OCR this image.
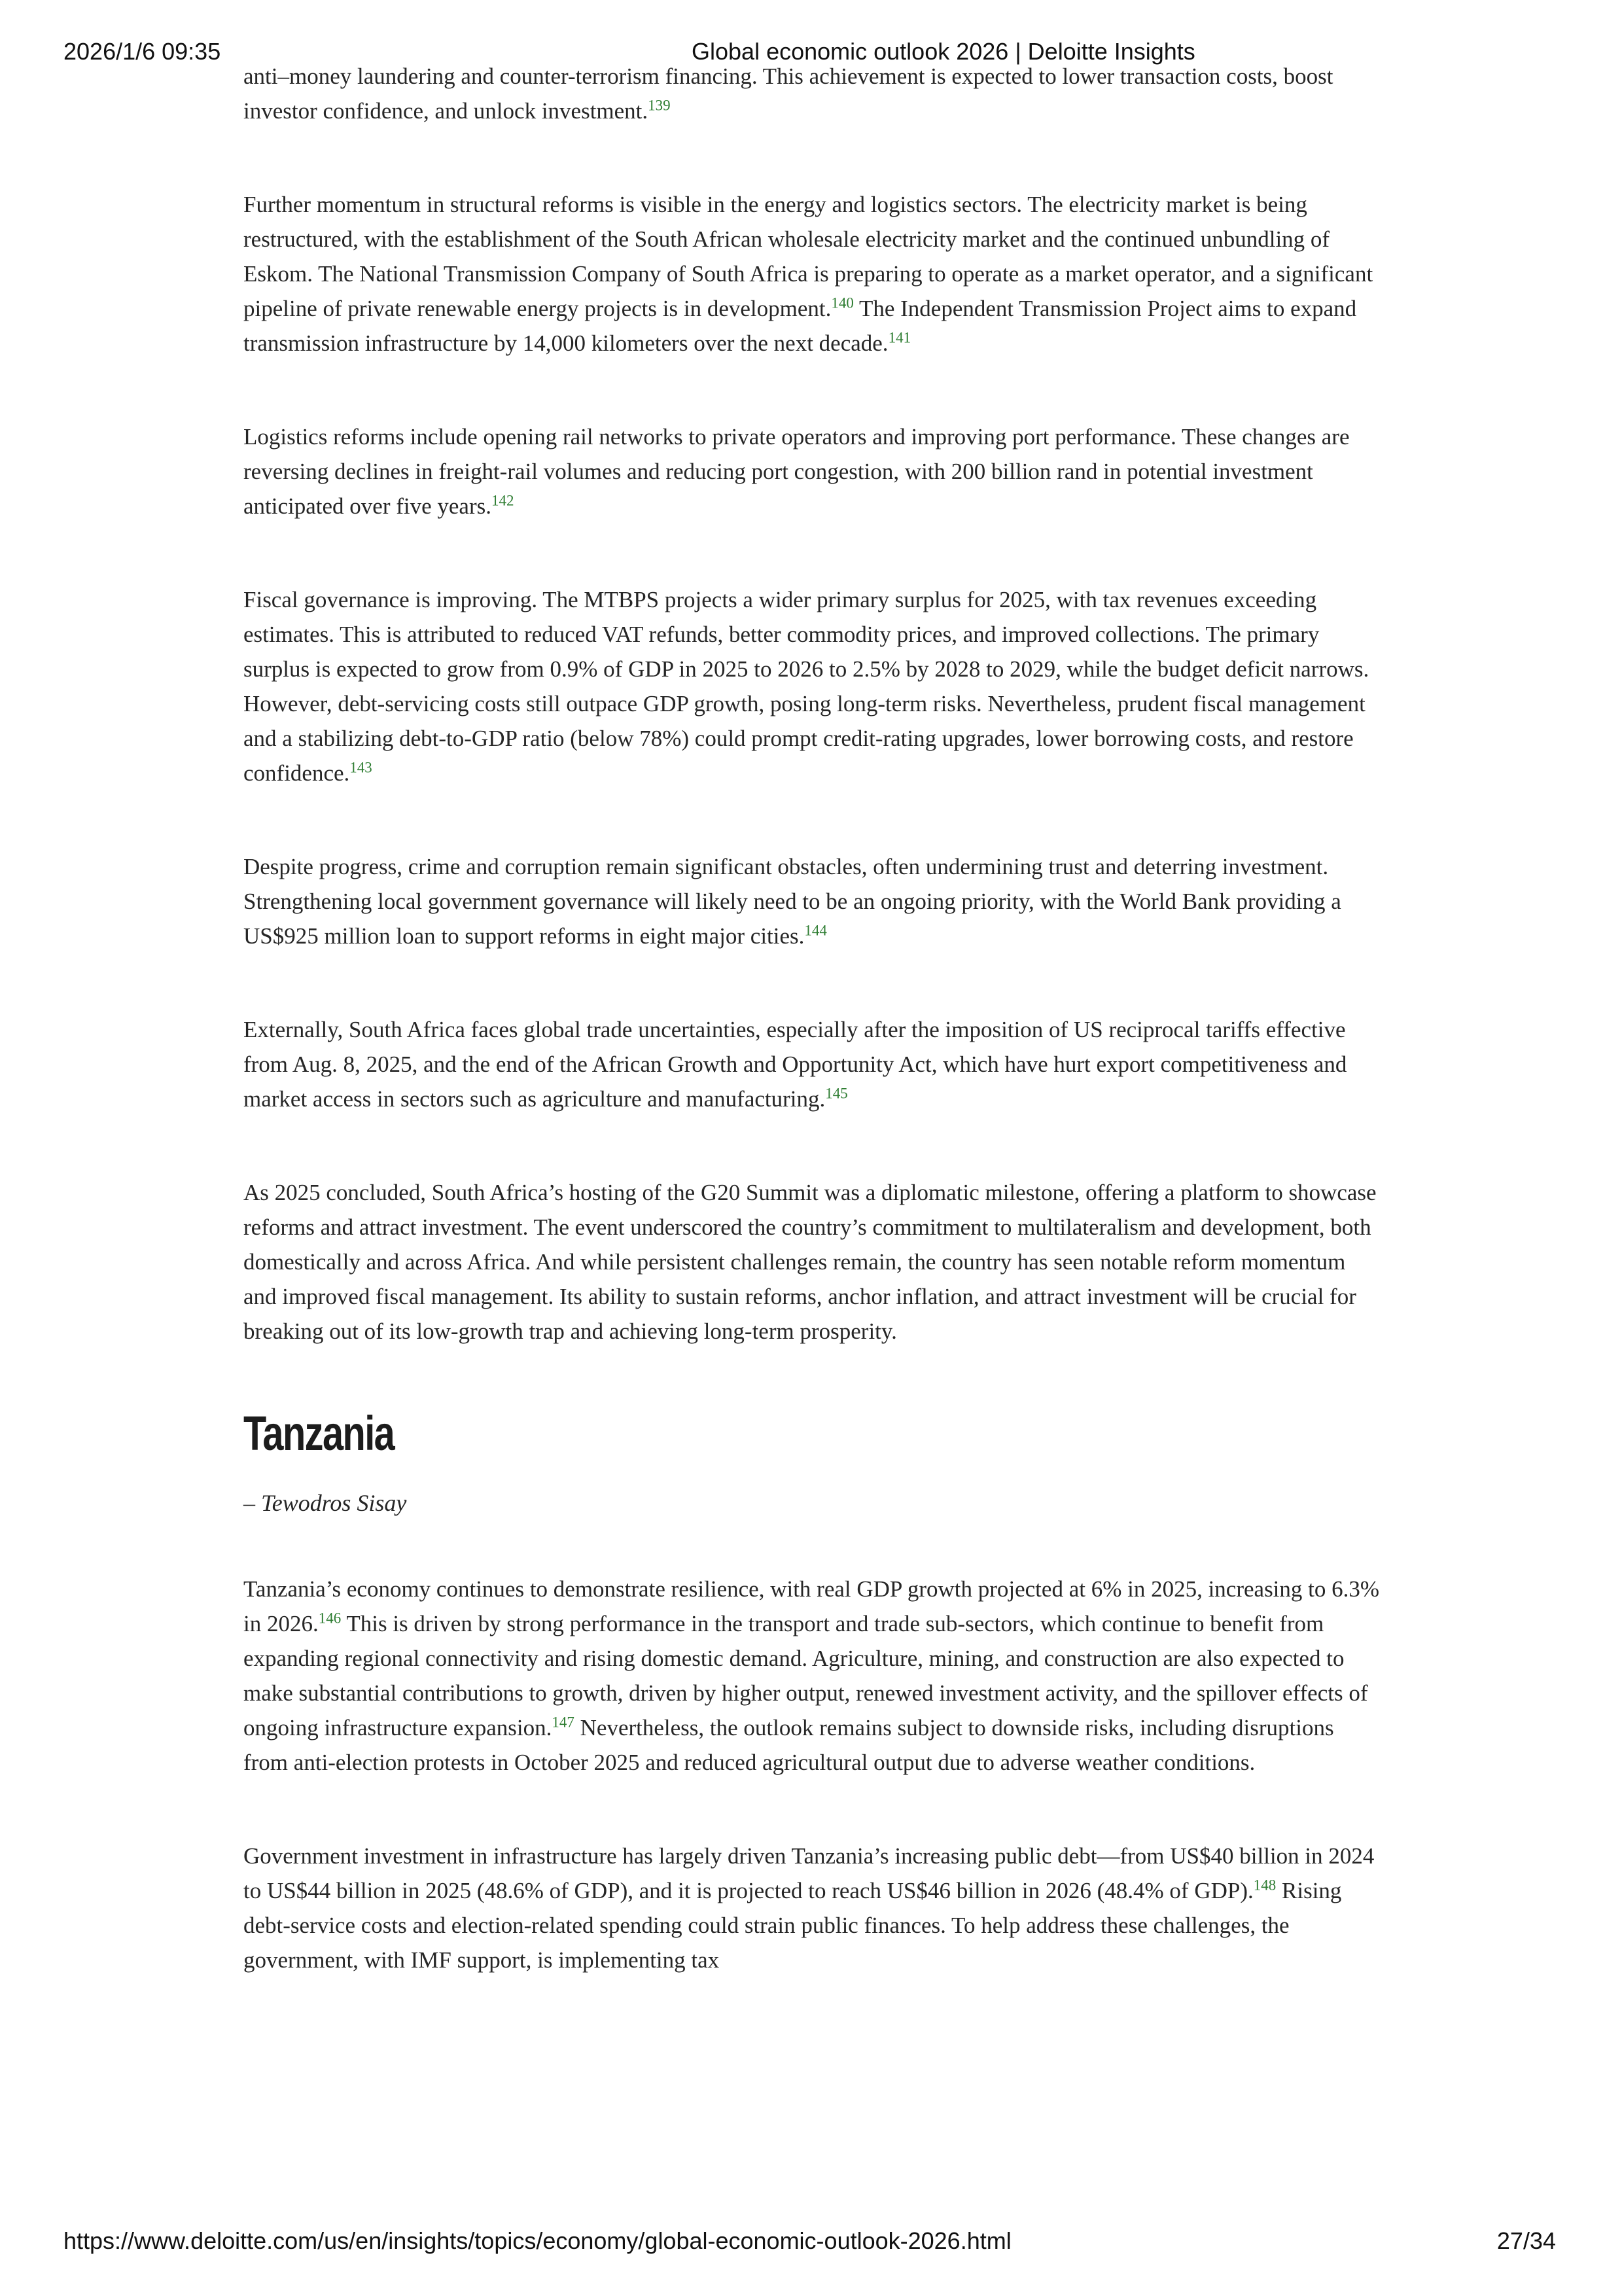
2026/1/6 09:35	Global economic outlook 2026 | Deloitte Insights

anti–money laundering and counter-terrorism financing. This achievement is expected to lower transaction costs, boost investor confidence, and unlock investment.$^{139}$

Further momentum in structural reforms is visible in the energy and logistics sectors. The electricity market is being restructured, with the establishment of the South African wholesale electricity market and the continued unbundling of Eskom. The National Transmission Company of South Africa is preparing to operate as a market operator, and a significant pipeline of private renewable energy projects is in development.$^{140}$ The Independent Transmission Project aims to expand transmission infrastructure by 14,000 kilometers over the next decade.$^{141}$

Logistics reforms include opening rail networks to private operators and improving port performance. These changes are reversing declines in freight-rail volumes and reducing port congestion, with 200 billion rand in potential investment anticipated over five years.$^{142}$

Fiscal governance is improving. The MTBPS projects a wider primary surplus for 2025, with tax revenues exceeding estimates. This is attributed to reduced VAT refunds, better commodity prices, and improved collections. The primary surplus is expected to grow from 0.9% of GDP in 2025 to 2026 to 2.5% by 2028 to 2029, while the budget deficit narrows. However, debt-servicing costs still outpace GDP growth, posing long-term risks. Nevertheless, prudent fiscal management and a stabilizing debt-to-GDP ratio (below 78%) could prompt credit-rating upgrades, lower borrowing costs, and restore confidence.$^{143}$

Despite progress, crime and corruption remain significant obstacles, often undermining trust and deterring investment. Strengthening local government governance will likely need to be an ongoing priority, with the World Bank providing a US$925 million loan to support reforms in eight major cities.$^{144}$

Externally, South Africa faces global trade uncertainties, especially after the imposition of US reciprocal tariffs effective from Aug. 8, 2025, and the end of the African Growth and Opportunity Act, which have hurt export competitiveness and market access in sectors such as agriculture and manufacturing.$^{145}$

As 2025 concluded, South Africa’s hosting of the G20 Summit was a diplomatic milestone, offering a platform to showcase reforms and attract investment. The event underscored the country’s commitment to multilateralism and development, both domestically and across Africa. And while persistent challenges remain, the country has seen notable reform momentum and improved fiscal management. Its ability to sustain reforms, anchor inflation, and attract investment will be crucial for breaking out of its low-growth trap and achieving long-term prosperity.

Tanzania

– Tewodros Sisay

Tanzania’s economy continues to demonstrate resilience, with real GDP growth projected at 6% in 2025, increasing to 6.3% in 2026.$^{146}$ This is driven by strong performance in the transport and trade sub-sectors, which continue to benefit from expanding regional connectivity and rising domestic demand. Agriculture, mining, and construction are also expected to make substantial contributions to growth, driven by higher output, renewed investment activity, and the spillover effects of ongoing infrastructure expansion.$^{147}$ Nevertheless, the outlook remains subject to downside risks, including disruptions from anti-election protests in October 2025 and reduced agricultural output due to adverse weather conditions.

Government investment in infrastructure has largely driven Tanzania’s increasing public debt—from US$40 billion in 2024 to US$44 billion in 2025 (48.6% of GDP), and it is projected to reach US$46 billion in 2026 (48.4% of GDP).$^{148}$ Rising debt-service costs and election-related spending could strain public finances. To help address these challenges, the government, with IMF support, is implementing tax

https://www.deloitte.com/us/en/insights/topics/economy/global-economic-outlook-2026.html	27/34
